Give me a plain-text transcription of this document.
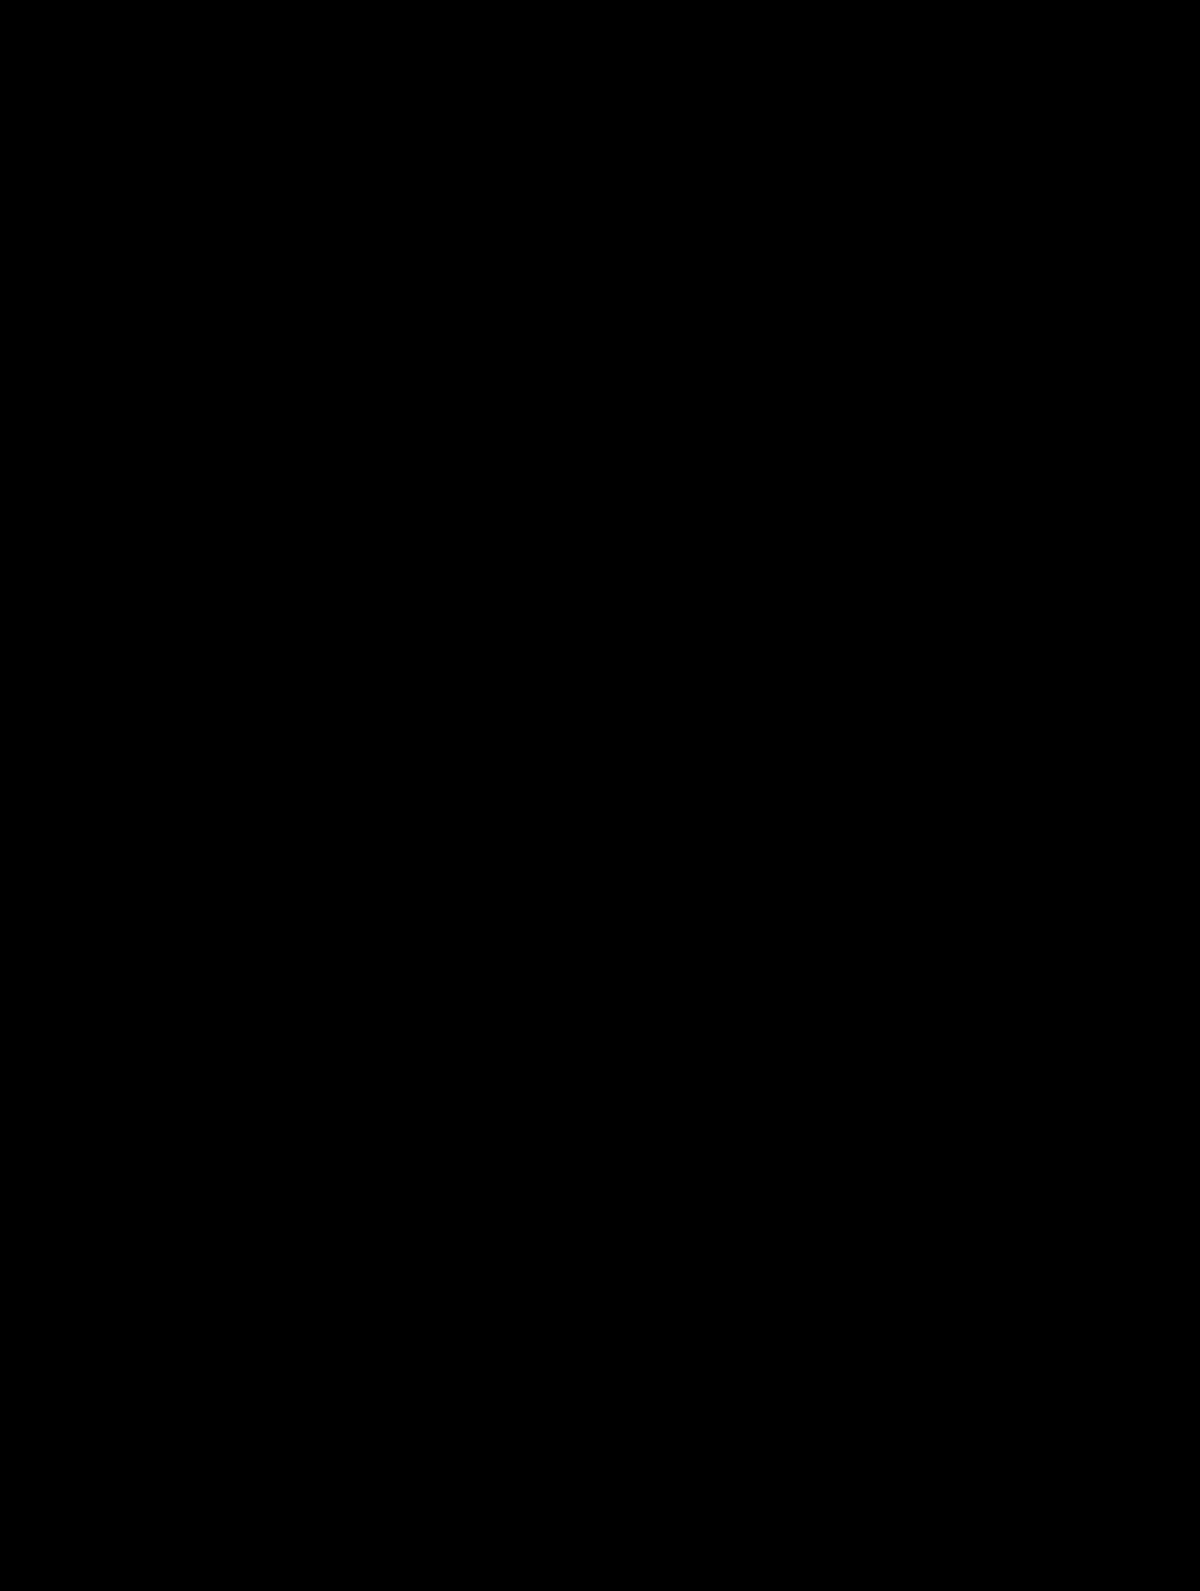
NUTRITION FACTS
Approx. 28 Servings per Container
Serving Size:	1 Rounded Scoop (32.5 grams)
Amount Per Serving
CALORIES	110
% Daily Value**
Total Fat 1.5g	2%
Saturated Fat 0g	0%
Trans Fat 0g
Cholesterol 0mg	0%
Sodium 390mg	17%
Total Carbohydrate 5g	2%
Dietary Fiber 1g	4%
Total Sugars 0g
Includes 0g Added Sugars	0%
Protein 20g	40%
Vitamin D 0mcg	0%
Calcium 35mg	2%
Iron 4mg	20%
Potassium 176mg	4%
** The % Daily Value (DV) tells you how much a nutrient in a serving of food contributes to a daily diet. 2000 calories a day is used for general nutrition advice.
Calories per gram:
Fat 9 • Carbohydrate 4 • Protein 4
Ingredients: Vegan Protein (Pea Protein Concentrate, Organic Pumpkin Protein, Watermelon Seed Protein), Natural and Artificial Flavors, Sunflower Creamer (High Oleic Sunflower Oil, Tapioca Starch, Tapioca Dextrin, Natural Flavors, Mixed Tocopherols), Salt, Xanthan Gum, Sucralose, Acesulfame Potassium
